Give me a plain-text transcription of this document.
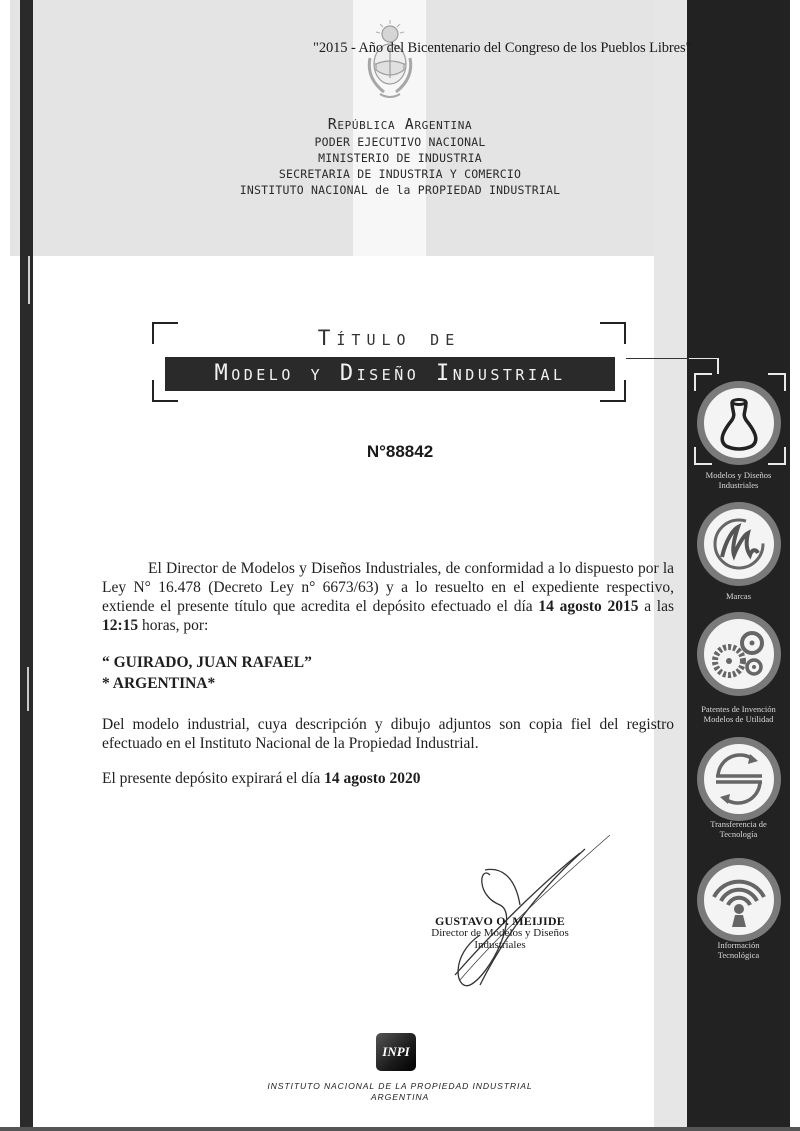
"2015 - Año del Bicentenario del Congreso de los Pueblos Libres"
República Argentina
PODER EJECUTIVO NACIONAL
MINISTERIO DE INDUSTRIA
SECRETARIA DE INDUSTRIA Y COMERCIO
INSTITUTO NACIONAL de la PROPIEDAD INDUSTRIAL
Título de
Modelo y Diseño Industrial
N°88842
El Director de Modelos y Diseños Industriales, de conformidad a lo dispuesto por la Ley N° 16.478 (Decreto Ley n° 6673/63) y a lo resuelto en el expediente respectivo, extiende el presente título que acredita el depósito efectuado el día 14 agosto 2015 a las 12:15 horas, por:
“ GUIRADO, JUAN RAFAEL”
* ARGENTINA*
Del modelo industrial, cuya descripción y dibujo adjuntos son copia fiel del registro efectuado en el Instituto Nacional de la Propiedad Industrial.
El presente depósito expirará el día 14 agosto 2020
GUSTAVO O. MEIJIDE
Director de Modelos y Diseños
Industriales
INPI
INSTITUTO NACIONAL DE LA PROPIEDAD INDUSTRIAL
ARGENTINA
Modelos y Diseños
Industriales
Marcas
Patentes de Invención
Modelos de Utilidad
Transferencia de
Tecnología
Información
Tecnológica
